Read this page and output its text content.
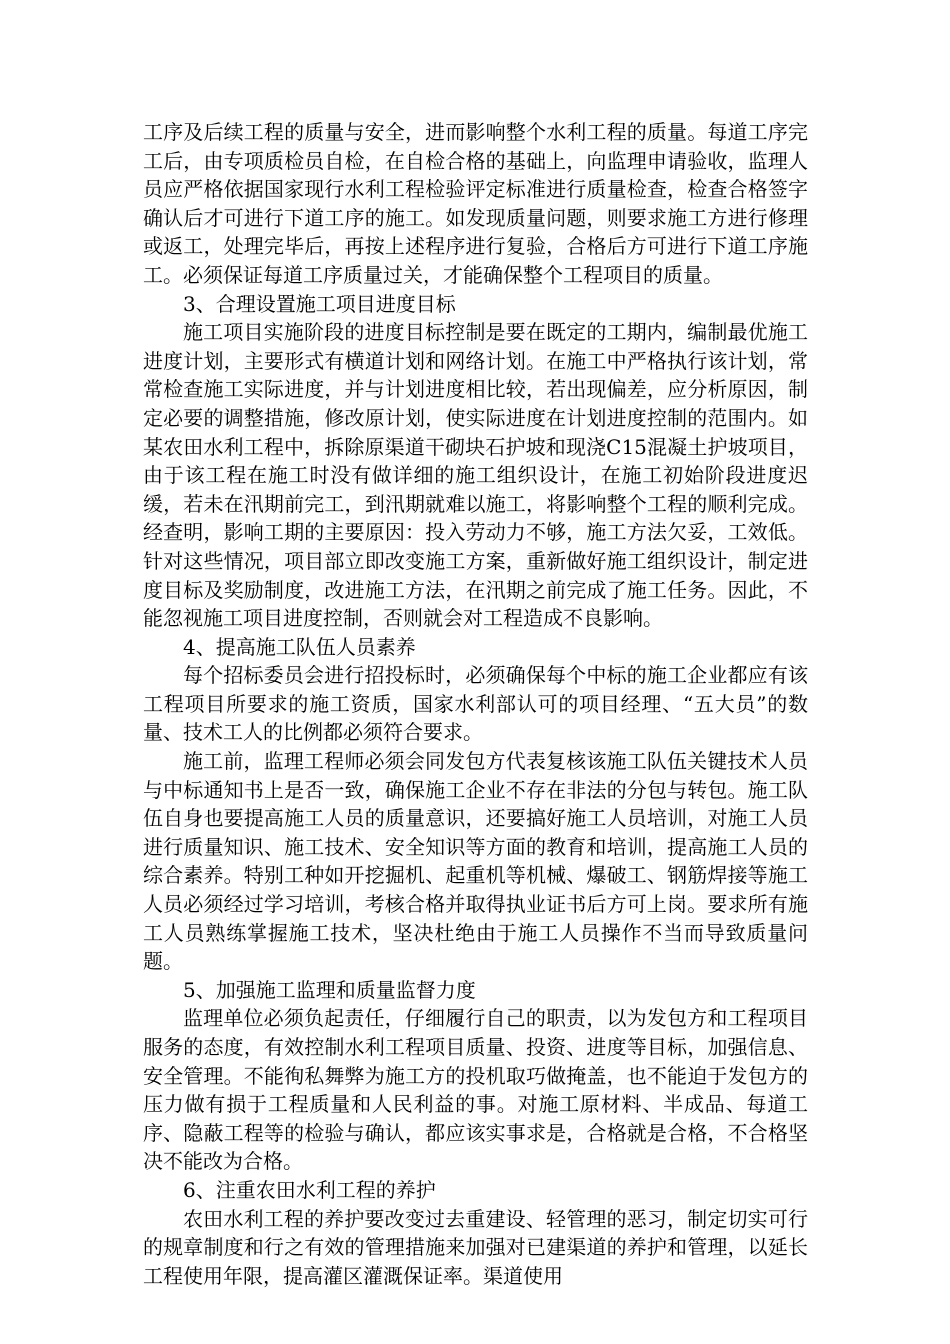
工序及后续工程的质量与安全，进而影响整个水利工程的质量。每道工序完工后，由专项质检员自检，在自检合格的基础上，向监理申请验收，监理人员应严格依据国家现行水利工程检验评定标准进行质量检查，检查合格签字确认后才可进行下道工序的施工。如发现质量问题，则要求施工方进行修理或返工，处理完毕后，再按上述程序进行复验，合格后方可进行下道工序施工。必须保证每道工序质量过关，才能确保整个工程项目的质量。

3、合理设置施工项目进度目标

施工项目实施阶段的进度目标控制是要在既定的工期内，编制最优施工进度计划，主要形式有横道计划和网络计划。在施工中严格执行该计划，常常检查施工实际进度，并与计划进度相比较，若出现偏差，应分析原因，制定必要的调整措施，修改原计划，使实际进度在计划进度控制的范围内。如某农田水利工程中，拆除原渠道干砌块石护坡和现浇C15混凝土护坡项目，由于该工程在施工时没有做详细的施工组织设计，在施工初始阶段进度迟缓，若未在汛期前完工，到汛期就难以施工，将影响整个工程的顺利完成。经查明，影响工期的主要原因：投入劳动力不够，施工方法欠妥，工效低。针对这些情况，项目部立即改变施工方案，重新做好施工组织设计，制定进度目标及奖励制度，改进施工方法，在汛期之前完成了施工任务。因此，不能忽视施工项目进度控制，否则就会对工程造成不良影响。

4、提高施工队伍人员素养

每个招标委员会进行招投标时，必须确保每个中标的施工企业都应有该工程项目所要求的施工资质，国家水利部认可的项目经理、“五大员”的数量、技术工人的比例都必须符合要求。

施工前，监理工程师必须会同发包方代表复核该施工队伍关键技术人员与中标通知书上是否一致，确保施工企业不存在非法的分包与转包。施工队伍自身也要提高施工人员的质量意识，还要搞好施工人员培训，对施工人员进行质量知识、施工技术、安全知识等方面的教育和培训，提高施工人员的综合素养。特别工种如开挖掘机、起重机等机械、爆破工、钢筋焊接等施工人员必须经过学习培训，考核合格并取得执业证书后方可上岗。要求所有施工人员熟练掌握施工技术，坚决杜绝由于施工人员操作不当而导致质量问题。

5、加强施工监理和质量监督力度

监理单位必须负起责任，仔细履行自己的职责，以为发包方和工程项目服务的态度，有效控制水利工程项目质量、投资、进度等目标，加强信息、安全管理。不能徇私舞弊为施工方的投机取巧做掩盖，也不能迫于发包方的压力做有损于工程质量和人民利益的事。对施工原材料、半成品、每道工序、隐蔽工程等的检验与确认，都应该实事求是，合格就是合格，不合格坚决不能改为合格。

6、注重农田水利工程的养护

农田水利工程的养护要改变过去重建设、轻管理的恶习，制定切实可行的规章制度和行之有效的管理措施来加强对已建渠道的养护和管理，以延长工程使用年限，提高灌区灌溉保证率。渠道使用
